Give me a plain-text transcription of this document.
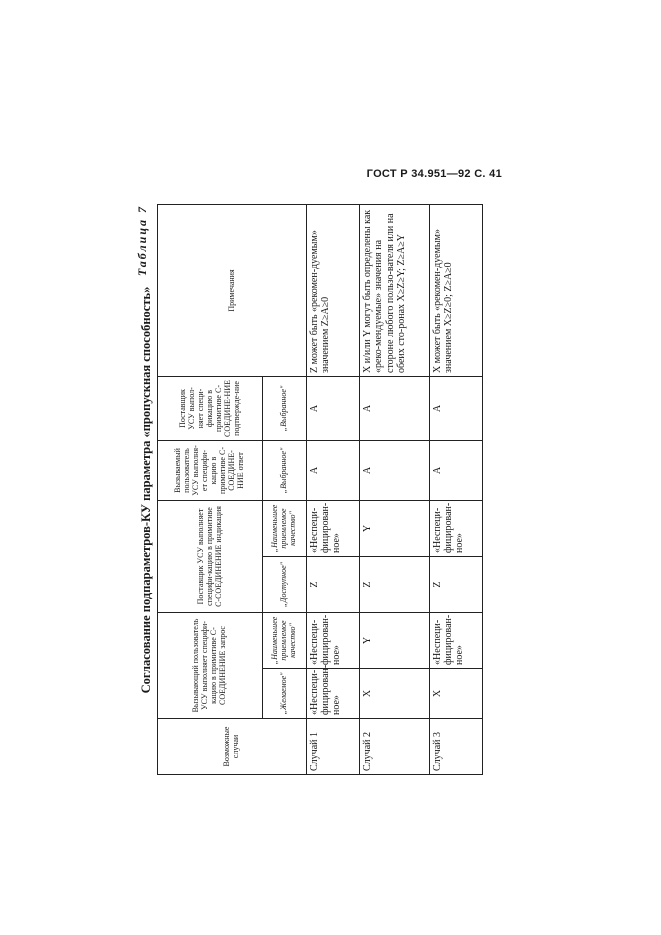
ГОСТ Р 34.951—92 С. 41
Таблица 7
Согласование подпараметров-КУ параметра «пропускная способность»
Возможные случаи	Вызывающий пользователь УСУ выполняет специфи-кацию в примитиве С-СОЕДИНЕНИЕ запрос		Поставщик УСУ выполняет специфи-кацию в примитиве С-СОЕДИНЕНИЕ индикация		Вызываемый пользователь УСУ выполня-ет специфи-кацию в примитиве С-СОЕДИНЕ-НИЕ ответ	Поставщик УСУ выпол-няет специ-фикацию в примитиве С-СОЕДИНЕ-НИЕ подтвержде-ние	Примечания
	„Желаемое"	„Наименьшее приемлемое качество"	„Доступное"	„Наименьшее приемлемое качество"	„Выбранное"	„Выбранное"	
Случай 1	«Неспеци-фицирован-ное»	«Неспеци-фицирован-ное»	Z	«Неспеци-фицирован-ное»	A	A	Z может быть «рекомен-дуемым» значением Z≥A≥0
Случай 2	X	Y	Z	Y	A	A	X и/или Y могут быть определены как «реко-мендуемые» значения на стороне любого пользо-вателя или на обеих сто-ронах X≥Z≥Y; Z≥A≥Y
Случай 3	X	«Неспеци-фицирован-ное»	Z	«Неспеци-фицирован-ное»	A	A	X может быть «рекомен-дуемым» значением X≥Z≥0; Z≥A≥0
